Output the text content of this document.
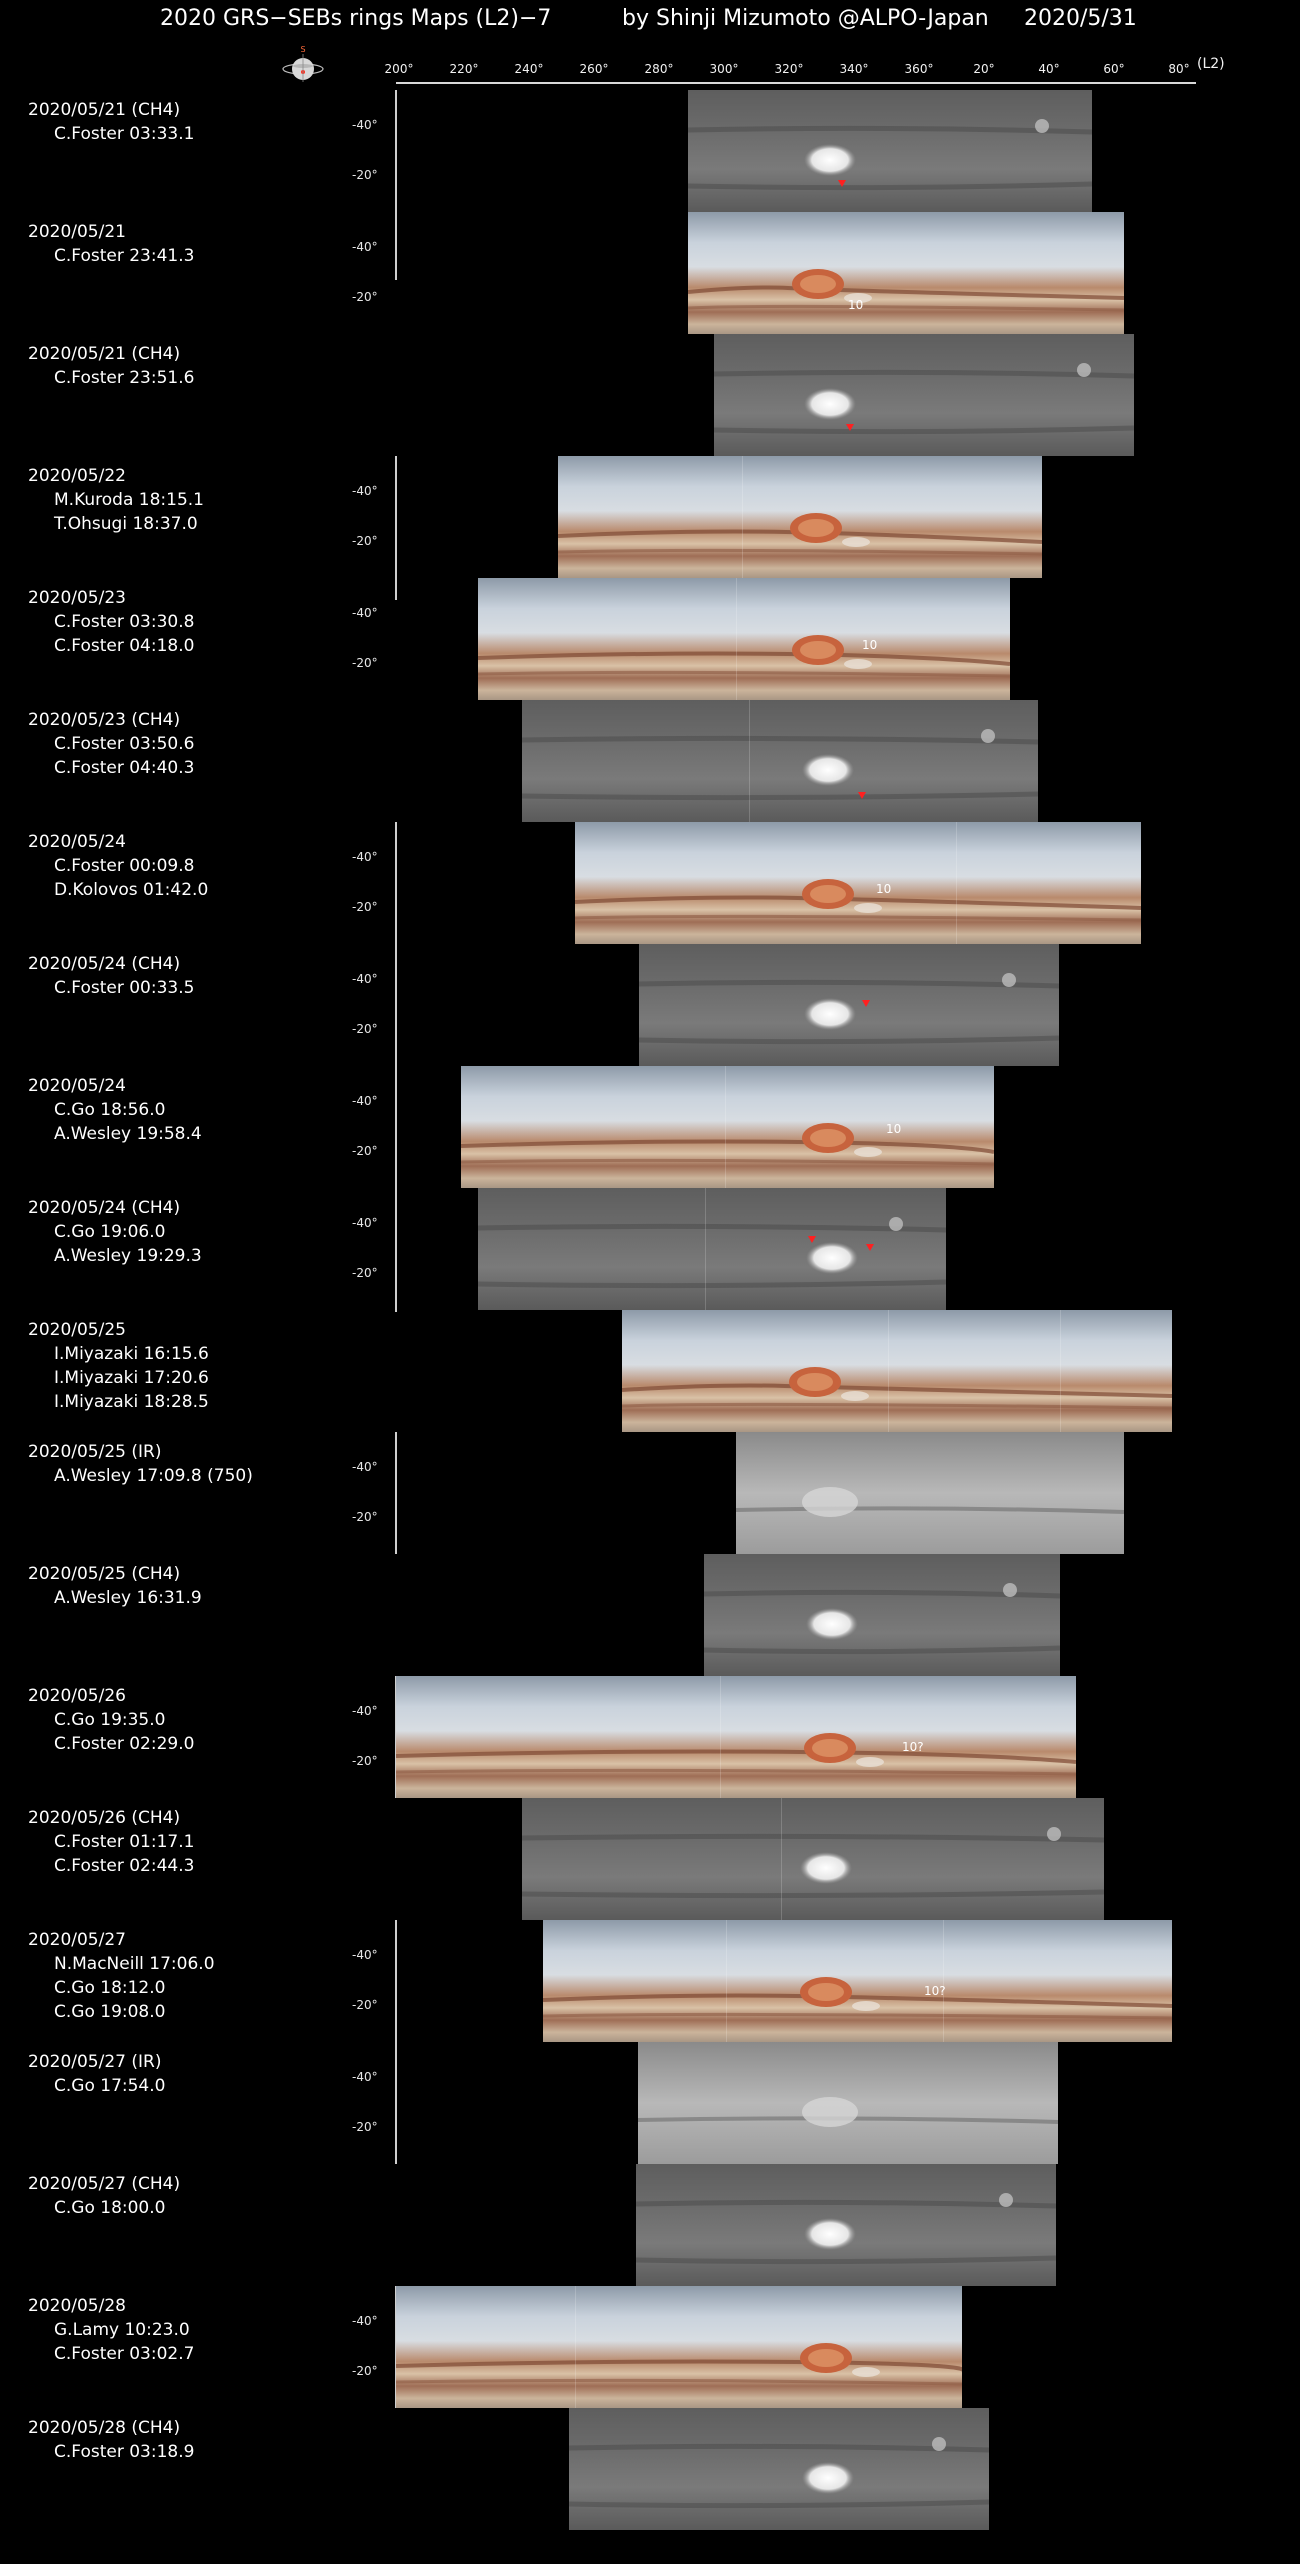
2020 GRS−SEBs rings Maps (L2)−7	by Shinji Mizumoto @ALPO-Japan 2020/5/31
S
200°	220°	240°	260°	280°	300°	320°	340°	360°	20°	40°	60°	80° (L2)
2020/05/21 (CH4)
C.Foster 03:33.1	-40°
-20°
2020/05/21
C.Foster 23:41.3	-40°
-20°
10
2020/05/21 (CH4)
C.Foster 23:51.6
2020/05/22
M.Kuroda 18:15.1
T.Ohsugi 18:37.0
-40°
-20°
2020/05/23
C.Foster 03:30.8
C.Foster 04:18.0
-40°
-20°
10
2020/05/23 (CH4)
C.Foster 03:50.6
C.Foster 04:40.3
2020/05/24
C.Foster 00:09.8
D.Kolovos 01:42.0
-40°
-20°
10
2020/05/24 (CH4)
C.Foster 00:33.5	-40°
-20°
2020/05/24
C.Go 18:56.0
A.Wesley 19:58.4
-40°
-20°
10
2020/05/24 (CH4)
C.Go 19:06.0
A.Wesley 19:29.3
-40°
-20°
2020/05/25
I.Miyazaki 16:15.6
I.Miyazaki 17:20.6
I.Miyazaki 18:28.5
2020/05/25 (IR)
A.Wesley 17:09.8 (750)	-40°
-20°
2020/05/25 (CH4)
A.Wesley 16:31.9
2020/05/26
C.Go 19:35.0
C.Foster 02:29.0
-40°
-20°
10?
2020/05/26 (CH4)
C.Foster 01:17.1
C.Foster 02:44.3
2020/05/27
N.MacNeill 17:06.0
C.Go 18:12.0
C.Go 19:08.0
-40°
-20°
10?
2020/05/27 (IR)
C.Go 17:54.0	-40°
-20°
2020/05/27 (CH4)
C.Go 18:00.0
2020/05/28
G.Lamy 10:23.0
C.Foster 03:02.7
-40°
-20°
2020/05/28 (CH4)
C.Foster 03:18.9
